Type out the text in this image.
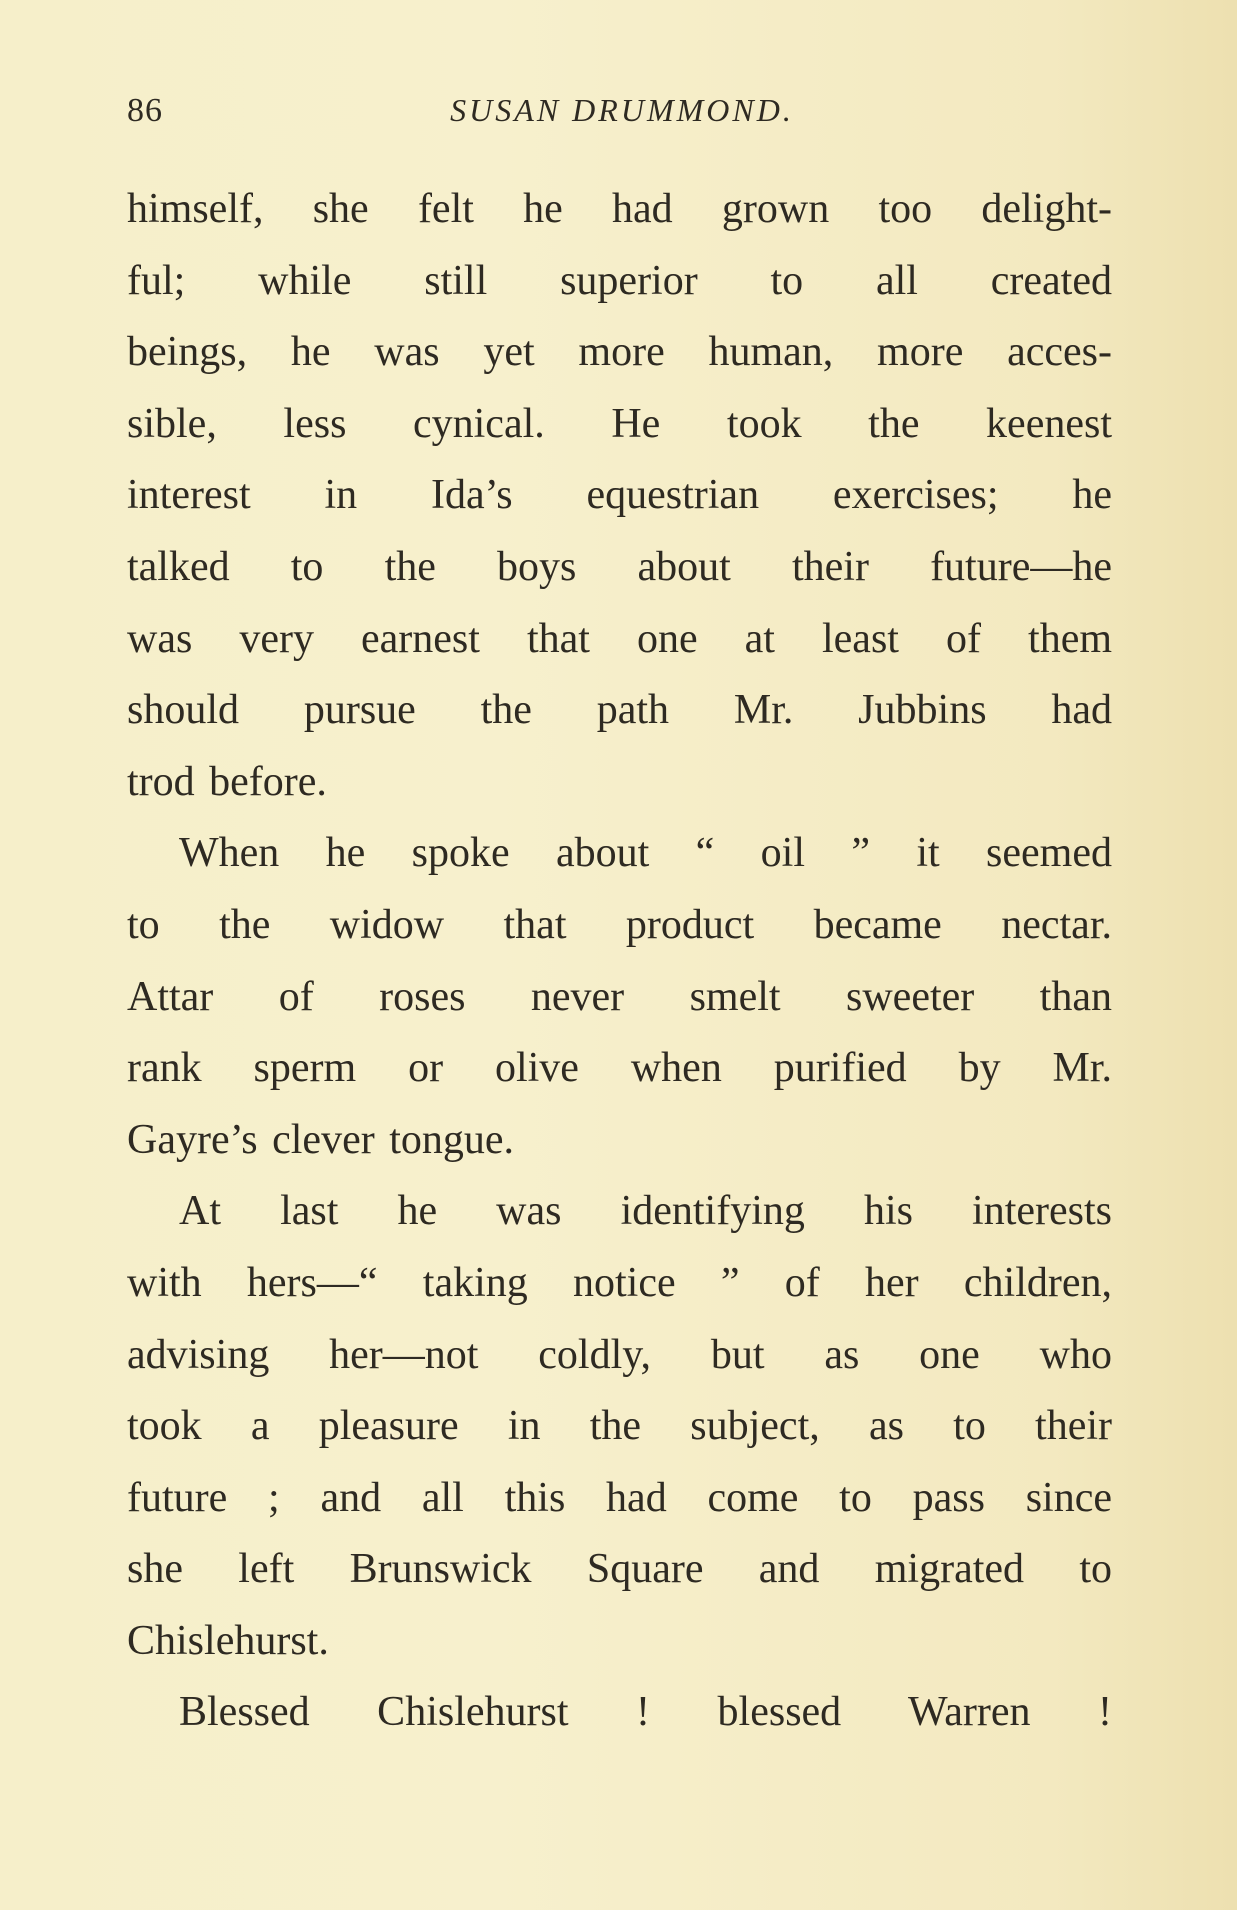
86	SUSAN DRUMMOND.
himself, she felt he had grown too delight-
ful; while still superior to all created
beings, he was yet more human, more acces-
sible, less cynical. He took the keenest
interest in Ida’s equestrian exercises; he
talked to the boys about their future—he
was very earnest that one at least of them
should pursue the path Mr. Jubbins had
trod before.
When he spoke about “ oil ” it seemed
to the widow that product became nectar.
Attar of roses never smelt sweeter than
rank sperm or olive when purified by Mr.
Gayre’s clever tongue.
At last he was identifying his interests
with hers—“ taking notice ” of her children,
advising her—not coldly, but as one who
took a pleasure in the subject, as to their
future ; and all this had come to pass since
she left Brunswick Square and migrated to
Chislehurst.
Blessed Chislehurst ! blessed Warren !
